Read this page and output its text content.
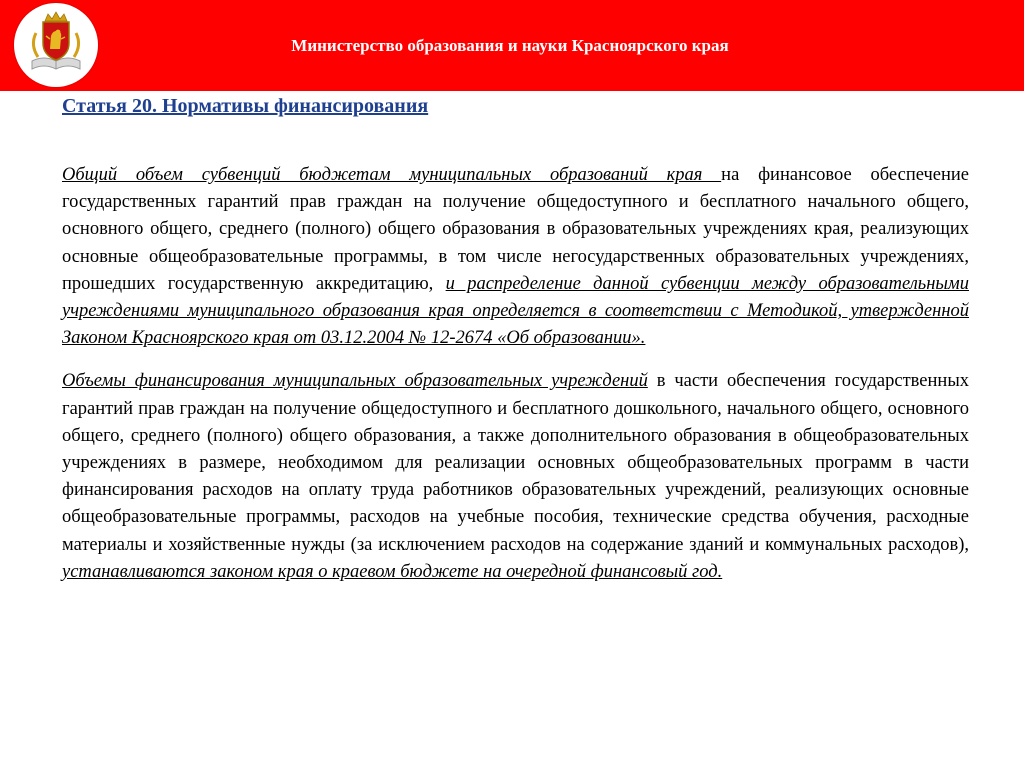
Министерство образования и науки Красноярского края
Статья 20. Нормативы финансирования

Общий объем субвенций бюджетам муниципальных образований края на финансовое обеспечение государственных гарантий прав граждан на получение общедоступного и бесплатного начального общего, основного общего, среднего (полного) общего образования в образовательных учреждениях края, реализующих основные общеобразовательные программы, в том числе негосударственных образовательных учреждениях, прошедших государственную аккредитацию, и распределение данной субвенции между образовательными учреждениями муниципального образования края определяется в соответствии с Методикой, утвержденной Законом Красноярского края от 03.12.2004 № 12-2674 «Об образовании».

Объемы финансирования муниципальных образовательных учреждений в части обеспечения государственных гарантий прав граждан на получение общедоступного и бесплатного дошкольного, начального общего, основного общего, среднего (полного) общего образования, а также дополнительного образования в общеобразовательных учреждениях в размере, необходимом для реализации основных общеобразовательных программ в части финансирования расходов на оплату труда работников образовательных учреждений, реализующих основные общеобразовательные программы, расходов на учебные пособия, технические средства обучения, расходные материалы и хозяйственные нужды (за исключением расходов на содержание зданий и коммунальных расходов), устанавливаются законом края о краевом бюджете на очередной финансовый год.
